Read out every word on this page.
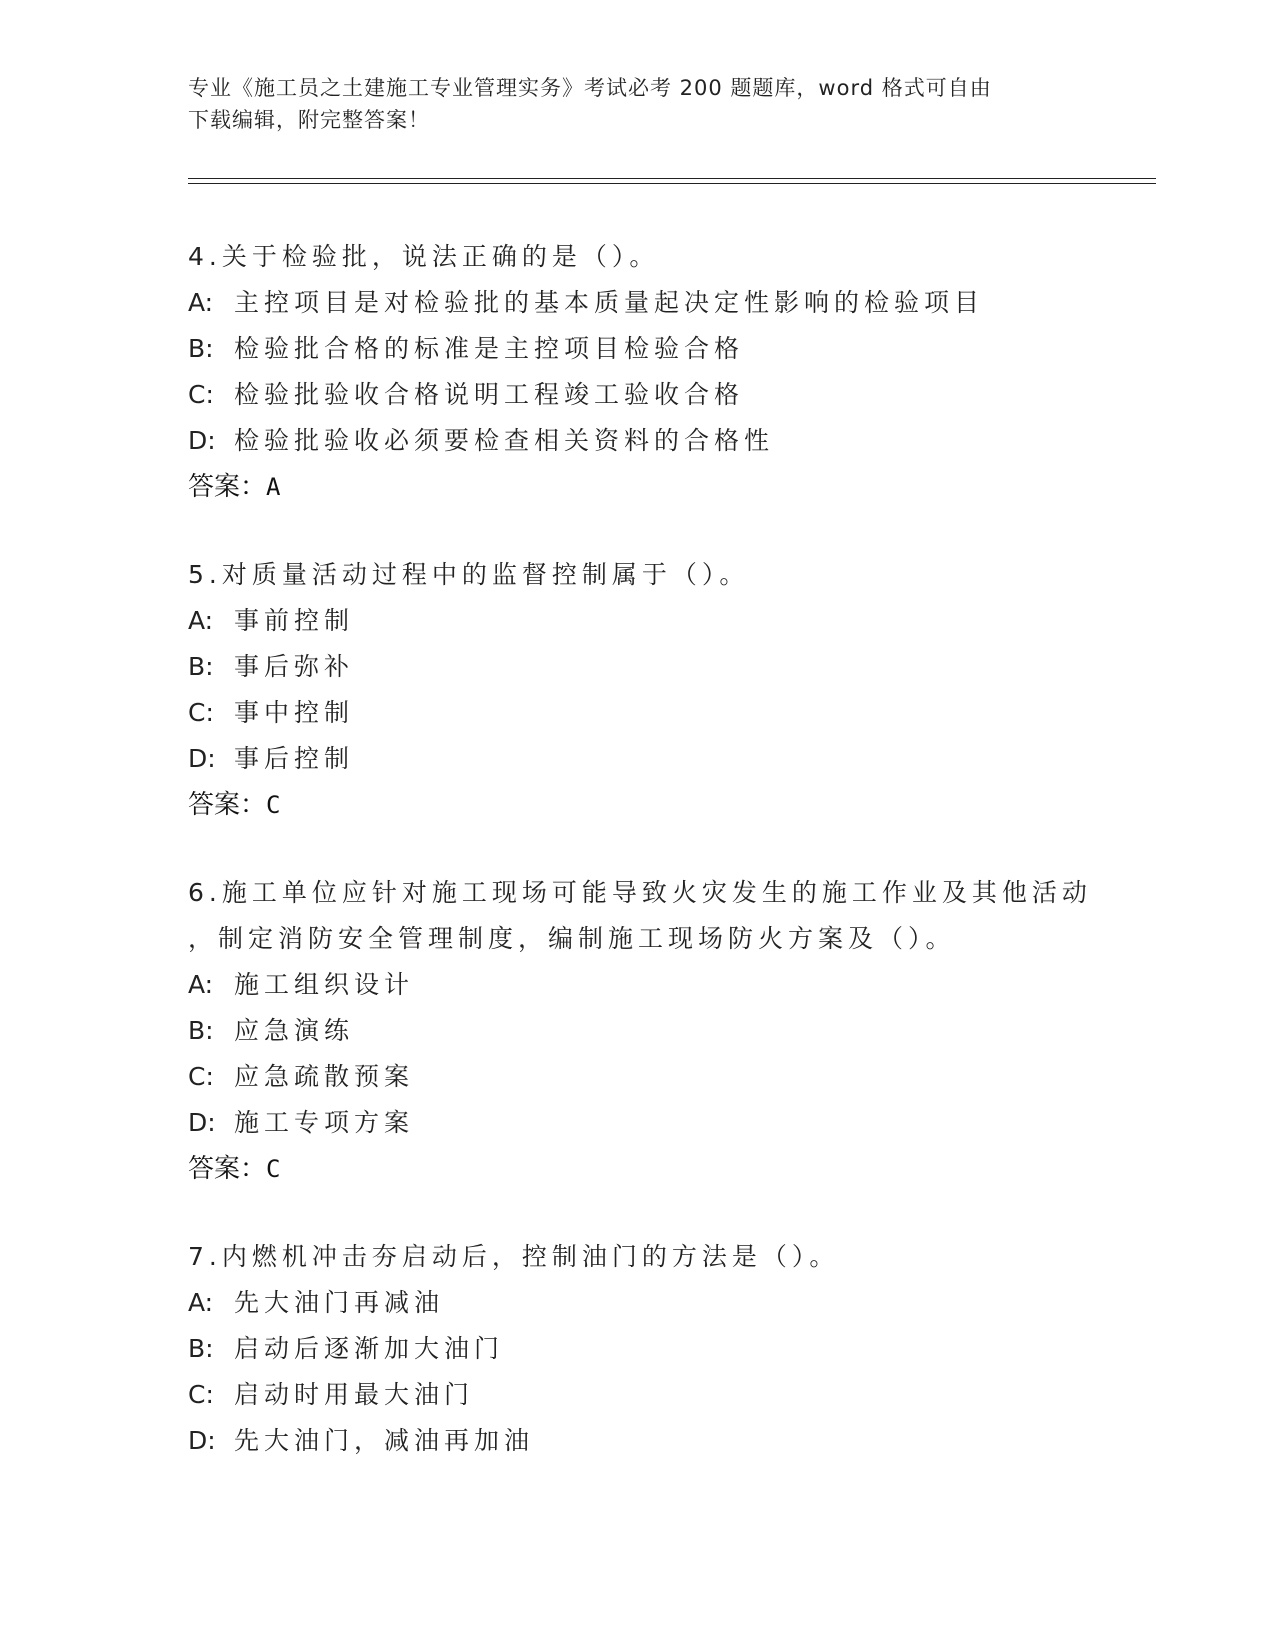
专业《施工员之土建施工专业管理实务》考试必考 200 题题库，word 格式可自由
下载编辑，附完整答案！
4.关于检验批，说法正确的是（）。
A: 主控项目是对检验批的基本质量起决定性影响的检验项目
B: 检验批合格的标准是主控项目检验合格
C: 检验批验收合格说明工程竣工验收合格
D: 检验批验收必须要检查相关资料的合格性
答案：A
5.对质量活动过程中的监督控制属于（）。
A: 事前控制
B: 事后弥补
C: 事中控制
D: 事后控制
答案：C
6.施工单位应针对施工现场可能导致火灾发生的施工作业及其他活动
，制定消防安全管理制度，编制施工现场防火方案及（）。
A: 施工组织设计
B: 应急演练
C: 应急疏散预案
D: 施工专项方案
答案：C
7.内燃机冲击夯启动后，控制油门的方法是（）。
A: 先大油门再减油
B: 启动后逐渐加大油门
C: 启动时用最大油门
D: 先大油门，减油再加油
